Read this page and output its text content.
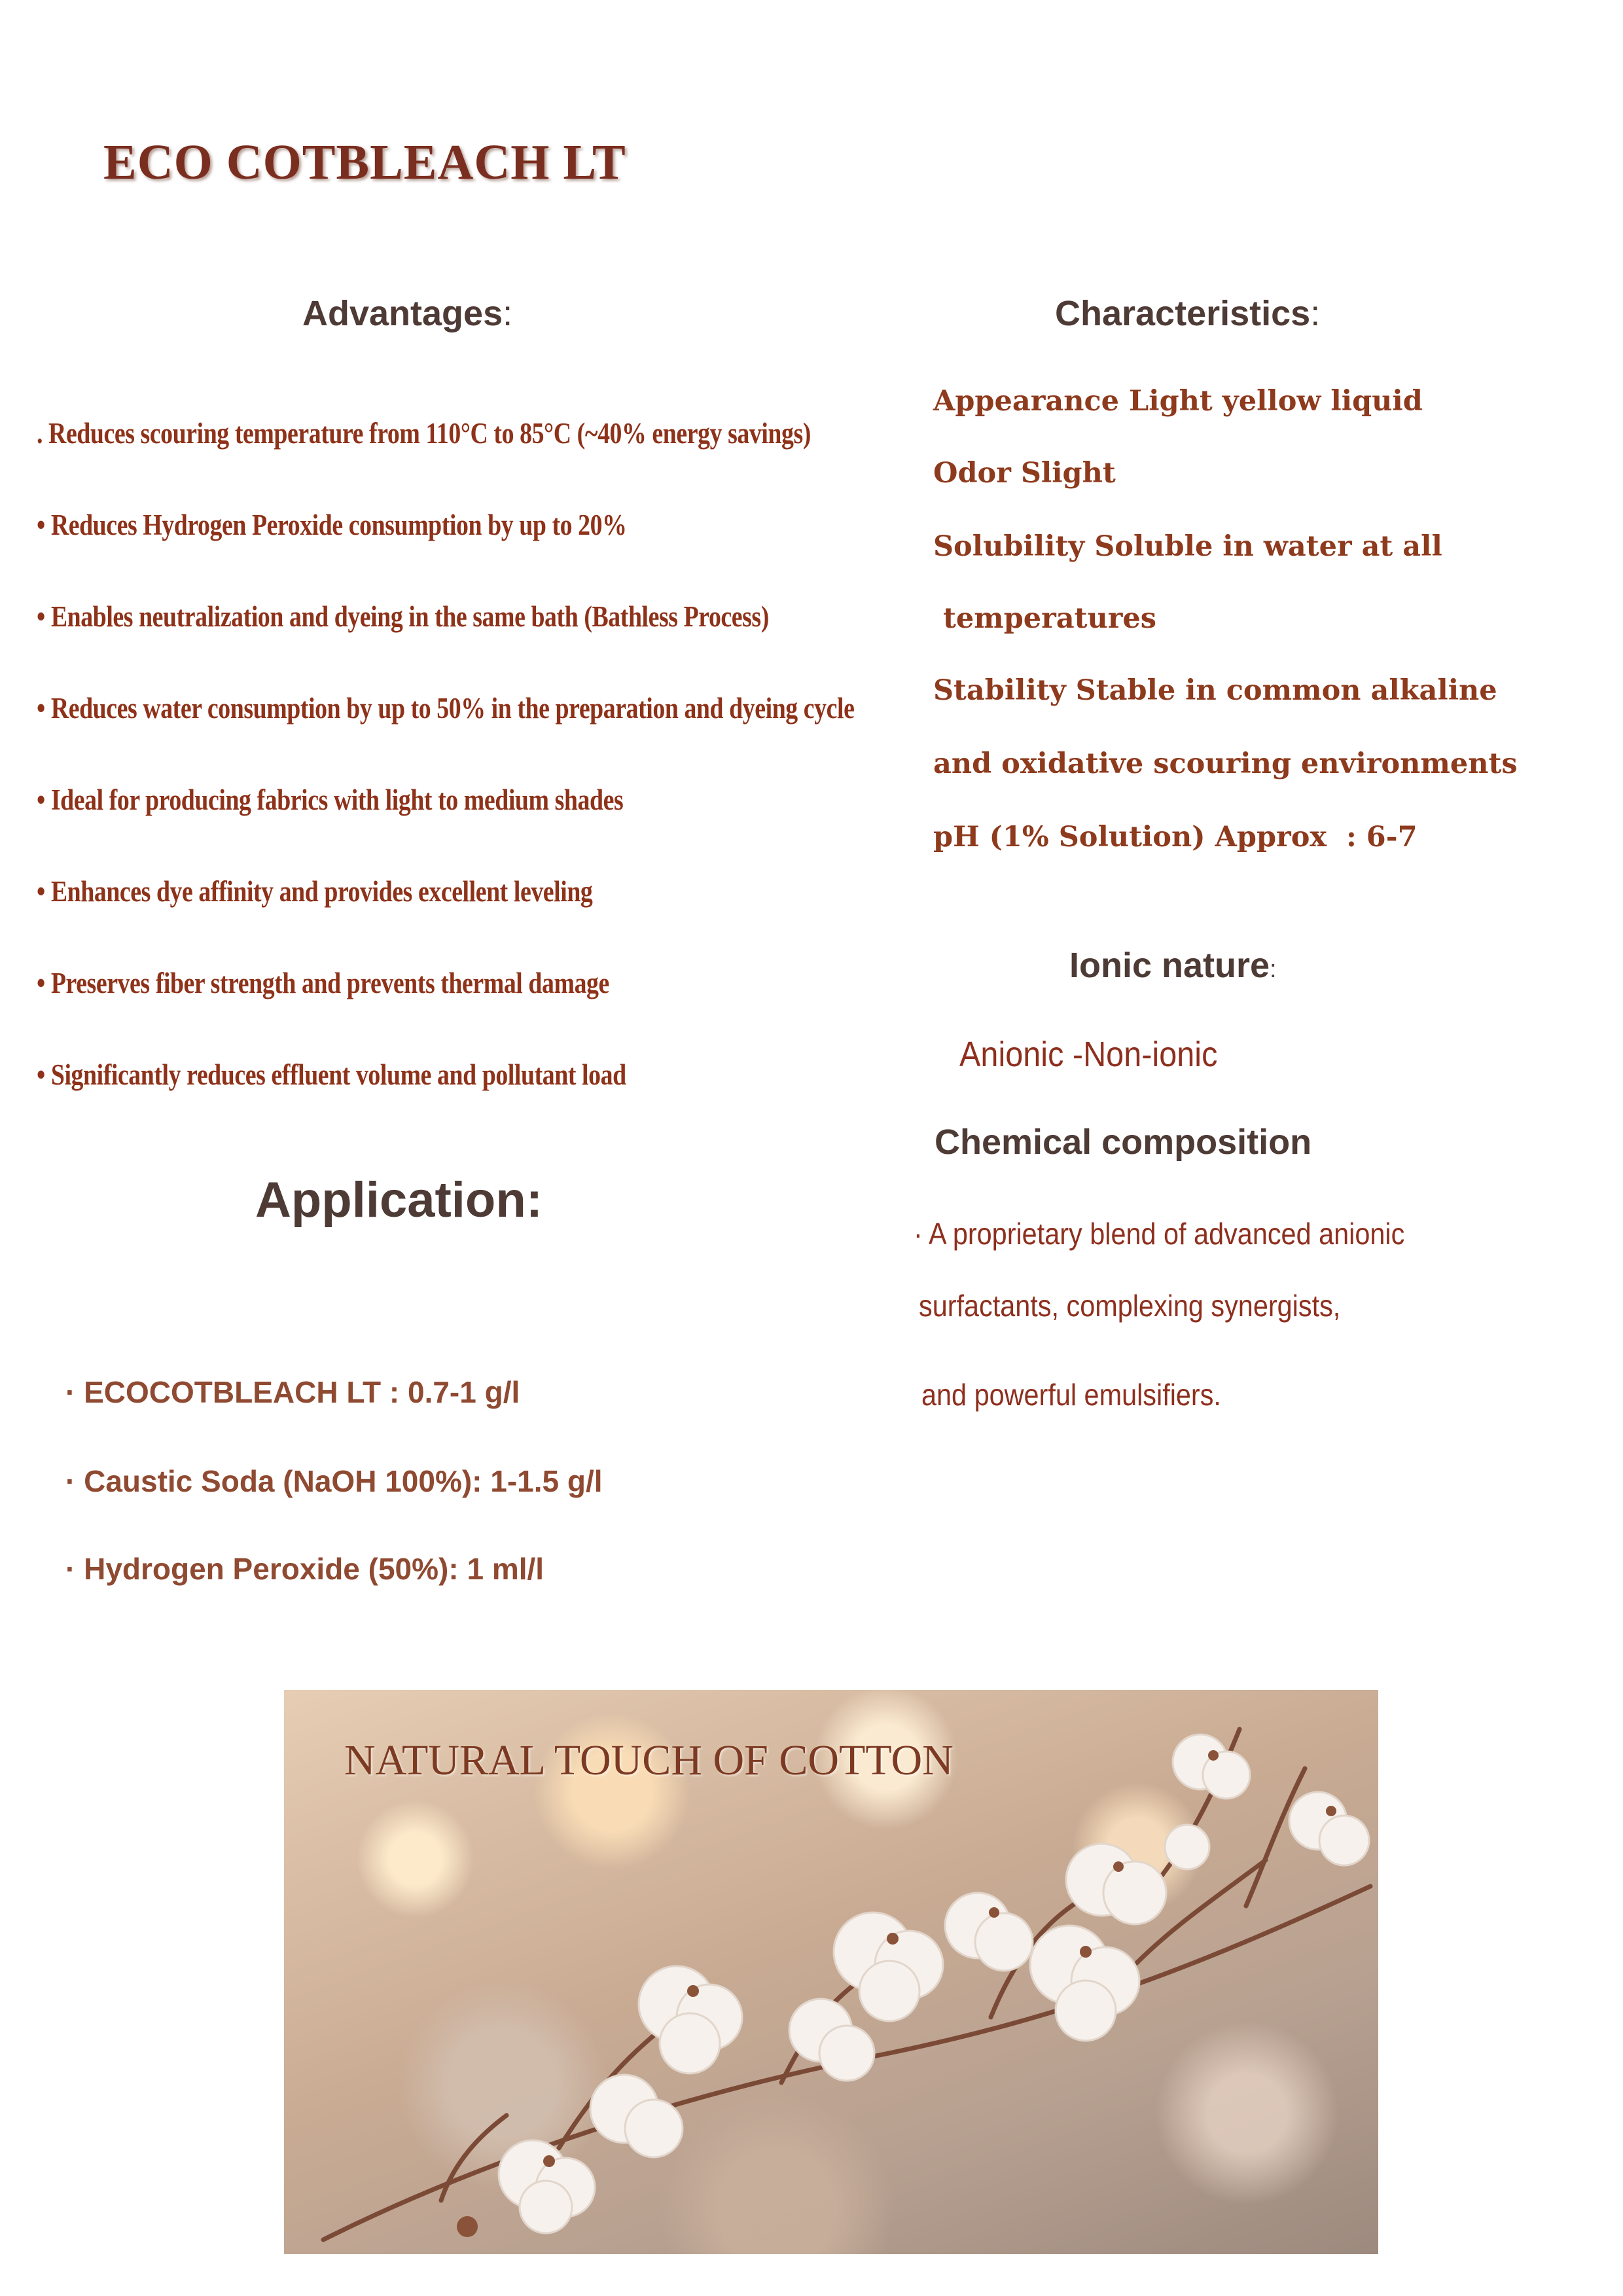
ECO COTBLEACH LT
Advantages:
. Reduces scouring temperature from 110°C to 85°C (~40% energy savings)
• Reduces Hydrogen Peroxide consumption by up to 20%
• Enables neutralization and dyeing in the same bath (Bathless Process)
• Reduces water consumption by up to 50% in the preparation and dyeing cycle
• Ideal for producing fabrics with light to medium shades
• Enhances dye affinity and provides excellent leveling
• Preserves fiber strength and prevents thermal damage
• Significantly reduces effluent volume and pollutant load
Characteristics:
Appearance Light yellow liquid
Odor Slight
Solubility Soluble in water at all
temperatures
Stability Stable in common alkaline
and oxidative scouring environments
pH (1% Solution) Approx  : 6-7
Ionic nature:
Anionic -Non-ionic
Chemical composition
· A proprietary blend of advanced anionic
surfactants, complexing synergists,
and powerful emulsifiers.
Application:
· ECOCOTBLEACH LT : 0.7-1 g/l
· Caustic Soda (NaOH 100%): 1-1.5 g/l
· Hydrogen Peroxide (50%): 1 ml/l
NATURAL TOUCH OF COTTON
